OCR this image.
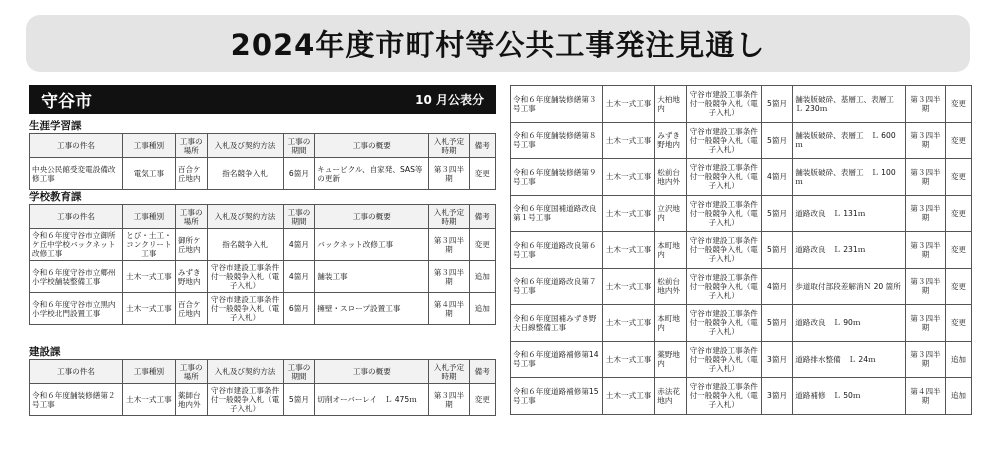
2024年度市町村等公共工事発注見通し
守谷市	10 月公表分
生涯学習課
工事の件名	工事種別	工事の場所	入札及び契約方法	工事の期間	工事の概要	入札予定時期	備考
中央公民館受変電設備改修工事	電気工事	百合ケ丘地内	指名競争入札	6箇月	キュービクル、自家発、SAS等の更新	第３四半期	変更
学校教育課
工事の件名	工事種別	工事の場所	入札及び契約方法	工事の期間	工事の概要	入札予定時期	備考
令和６年度守谷市立御所ケ丘中学校バックネット改修工事	とび・土工・コンクリート工事	御所ケ丘地内	指名競争入札	4箇月	バックネット改修工事	第３四半期	変更
令和６年度守谷市立郷州小学校舗装整備工事	土木一式工事	みずき野地内	守谷市建設工事条件付一般競争入札（電子入札）	4箇月	舗装工事	第３四半期	追加
令和６年度守谷市立黒内小学校北門設置工事	土木一式工事	百合ケ丘地内	守谷市建設工事条件付一般競争入札（電子入札）	6箇月	擁壁・スロープ設置工事	第４四半期	追加
建設課
工事の件名	工事種別	工事の場所	入札及び契約方法	工事の期間	工事の概要	入札予定時期	備考
令和６年度舗装修繕第２号工事	土木一式工事	薬師台地内外	守谷市建設工事条件付一般競争入札（電子入札）	5箇月	切削オーバーレイ　Ｌ 475ｍ	第３四半期	変更
令和６年度舗装修繕第３号工事	土木一式工事	大柏地内	守谷市建設工事条件付一般競争入札（電子入札）	5箇月	舗装版破砕、基層工、表層工　Ｌ 230ｍ	第３四半期	変更
令和６年度舗装修繕第８号工事	土木一式工事	みずき野地内	守谷市建設工事条件付一般競争入札（電子入札）	5箇月	舗装版破砕、表層工　Ｌ 600ｍ	第３四半期	変更
令和６年度舗装修繕第９号工事	土木一式工事	松前台地内外	守谷市建設工事条件付一般競争入札（電子入札）	4箇月	舗装版破砕、表層工　Ｌ 100ｍ	第３四半期	変更
令和６年度国補道路改良第１号工事	土木一式工事	立沢地内	守谷市建設工事条件付一般競争入札（電子入札）	5箇月	道路改良　Ｌ 131ｍ	第３四半期	変更
令和６年度道路改良第６号工事	土木一式工事	本町地内	守谷市建設工事条件付一般競争入札（電子入札）	5箇月	道路改良　Ｌ 231ｍ	第３四半期	変更
令和６年度道路改良第７号工事	土木一式工事	松前台地内外	守谷市建設工事条件付一般競争入札（電子入札）	4箇月	歩道取付部段差解消Ｎ 20 箇所	第３四半期	変更
令和６年度国補みずき野大日線整備工事	土木一式工事	本町地内	守谷市建設工事条件付一般競争入札（電子入札）	5箇月	道路改良　Ｌ 90ｍ	第３四半期	変更
令和６年度道路補修第14号工事	土木一式工事	薬野地内	守谷市建設工事条件付一般競争入札（電子入札）	3箇月	道路排水整備　Ｌ 24ｍ	第３四半期	追加
令和６年度道路補修第15号工事	土木一式工事	赤法花地内	守谷市建設工事条件付一般競争入札（電子入札）	3箇月	道路補修　Ｌ 50ｍ	第４四半期	追加
